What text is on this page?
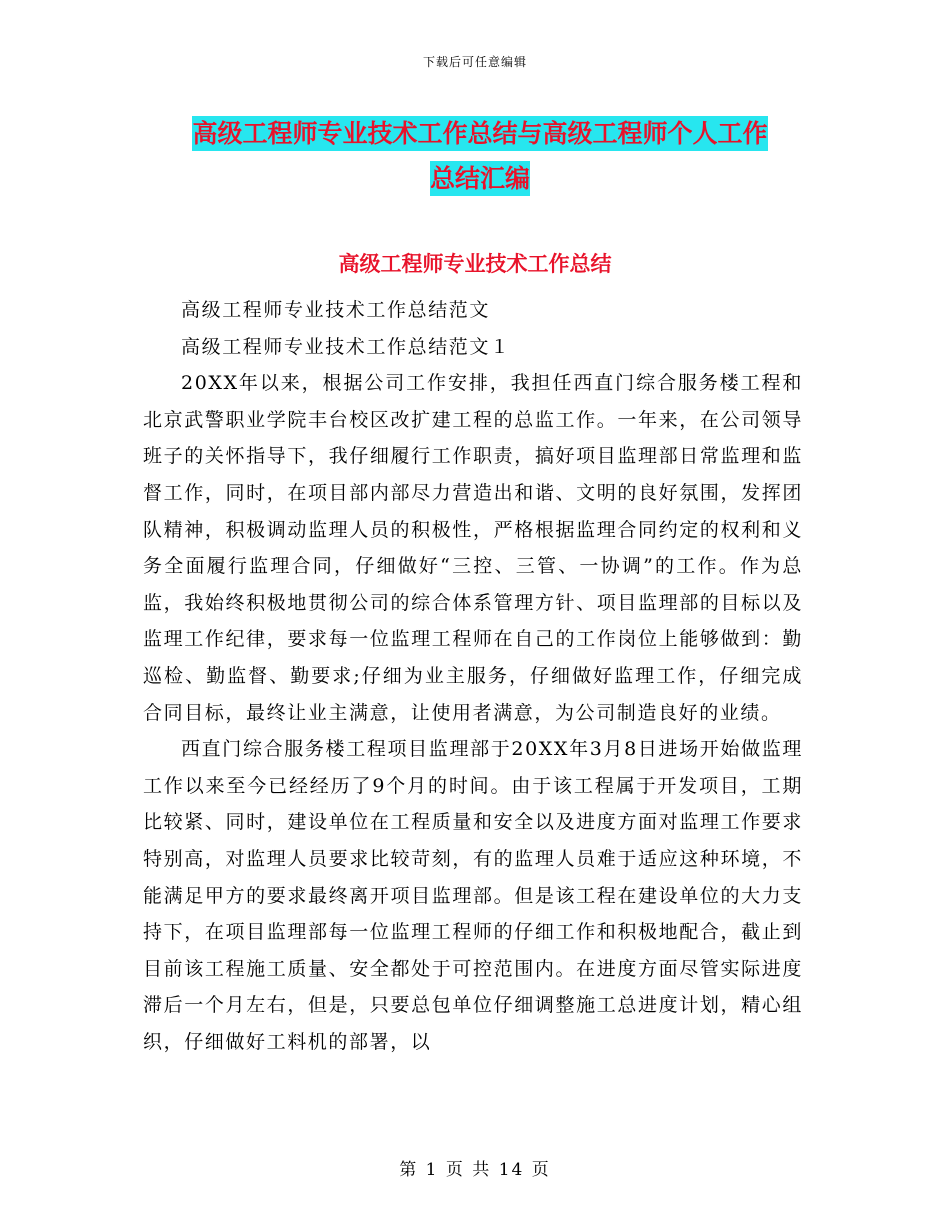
下载后可任意编辑
高级工程师专业技术工作总结与高级工程师个人工作
总结汇编
高级工程师专业技术工作总结

高级工程师专业技术工作总结范文

高级工程师专业技术工作总结范文１

20XX年以来，根据公司工作安排，我担任西直门综合服务楼工程和北京武警职业学院丰台校区改扩建工程的总监工作。一年来，在公司领导班子的关怀指导下，我仔细履行工作职责，搞好项目监理部日常监理和监督工作，同时，在项目部内部尽力营造出和谐、文明的良好氛围，发挥团队精神，积极调动监理人员的积极性，严格根据监理合同约定的权利和义务全面履行监理合同，仔细做好“三控、三管、一协调”的工作。作为总监，我始终积极地贯彻公司的综合体系管理方针、项目监理部的目标以及监理工作纪律，要求每一位监理工程师在自己的工作岗位上能够做到：勤巡检、勤监督、勤要求;仔细为业主服务，仔细做好监理工作，仔细完成合同目标，最终让业主满意，让使用者满意，为公司制造良好的业绩。

西直门综合服务楼工程项目监理部于20XX年3月8日进场开始做监理工作以来至今已经经历了9个月的时间。由于该工程属于开发项目，工期比较紧、同时，建设单位在工程质量和安全以及进度方面对监理工作要求特别高，对监理人员要求比较苛刻，有的监理人员难于适应这种环境，不能满足甲方的要求最终离开项目监理部。但是该工程在建设单位的大力支持下，在项目监理部每一位监理工程师的仔细工作和积极地配合，截止到目前该工程施工质量、安全都处于可控范围内。在进度方面尽管实际进度滞后一个月左右，但是，只要总包单位仔细调整施工总进度计划，精心组织，仔细做好工料机的部署，以

第 1 页 共 14 页
